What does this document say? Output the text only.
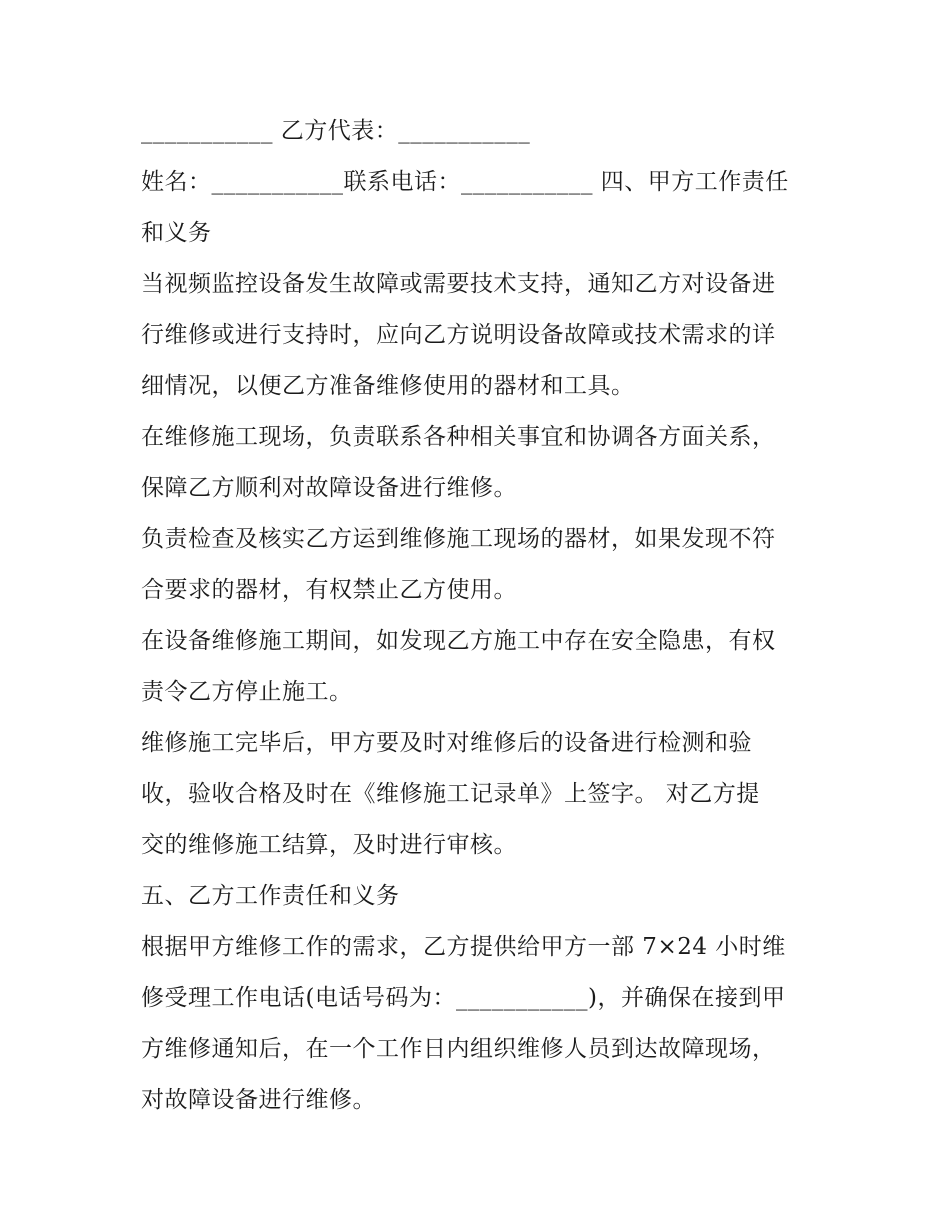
___________ 乙方代表：___________
姓名：___________联系电话：___________ 四、甲方工作责任
和义务
当视频监控设备发生故障或需要技术支持，通知乙方对设备进
行维修或进行支持时，应向乙方说明设备故障或技术需求的详
细情况，以便乙方准备维修使用的器材和工具。
在维修施工现场，负责联系各种相关事宜和协调各方面关系，
保障乙方顺利对故障设备进行维修。
负责检查及核实乙方运到维修施工现场的器材，如果发现不符
合要求的器材，有权禁止乙方使用。
在设备维修施工期间，如发现乙方施工中存在安全隐患，有权
责令乙方停止施工。
维修施工完毕后，甲方要及时对维修后的设备进行检测和验
收，验收合格及时在《维修施工记录单》上签字。 对乙方提
交的维修施工结算，及时进行审核。
五、乙方工作责任和义务
根据甲方维修工作的需求，乙方提供给甲方一部 7×24 小时维
修受理工作电话(电话号码为：___________)，并确保在接到甲
方维修通知后，在一个工作日内组织维修人员到达故障现场，
对故障设备进行维修。
